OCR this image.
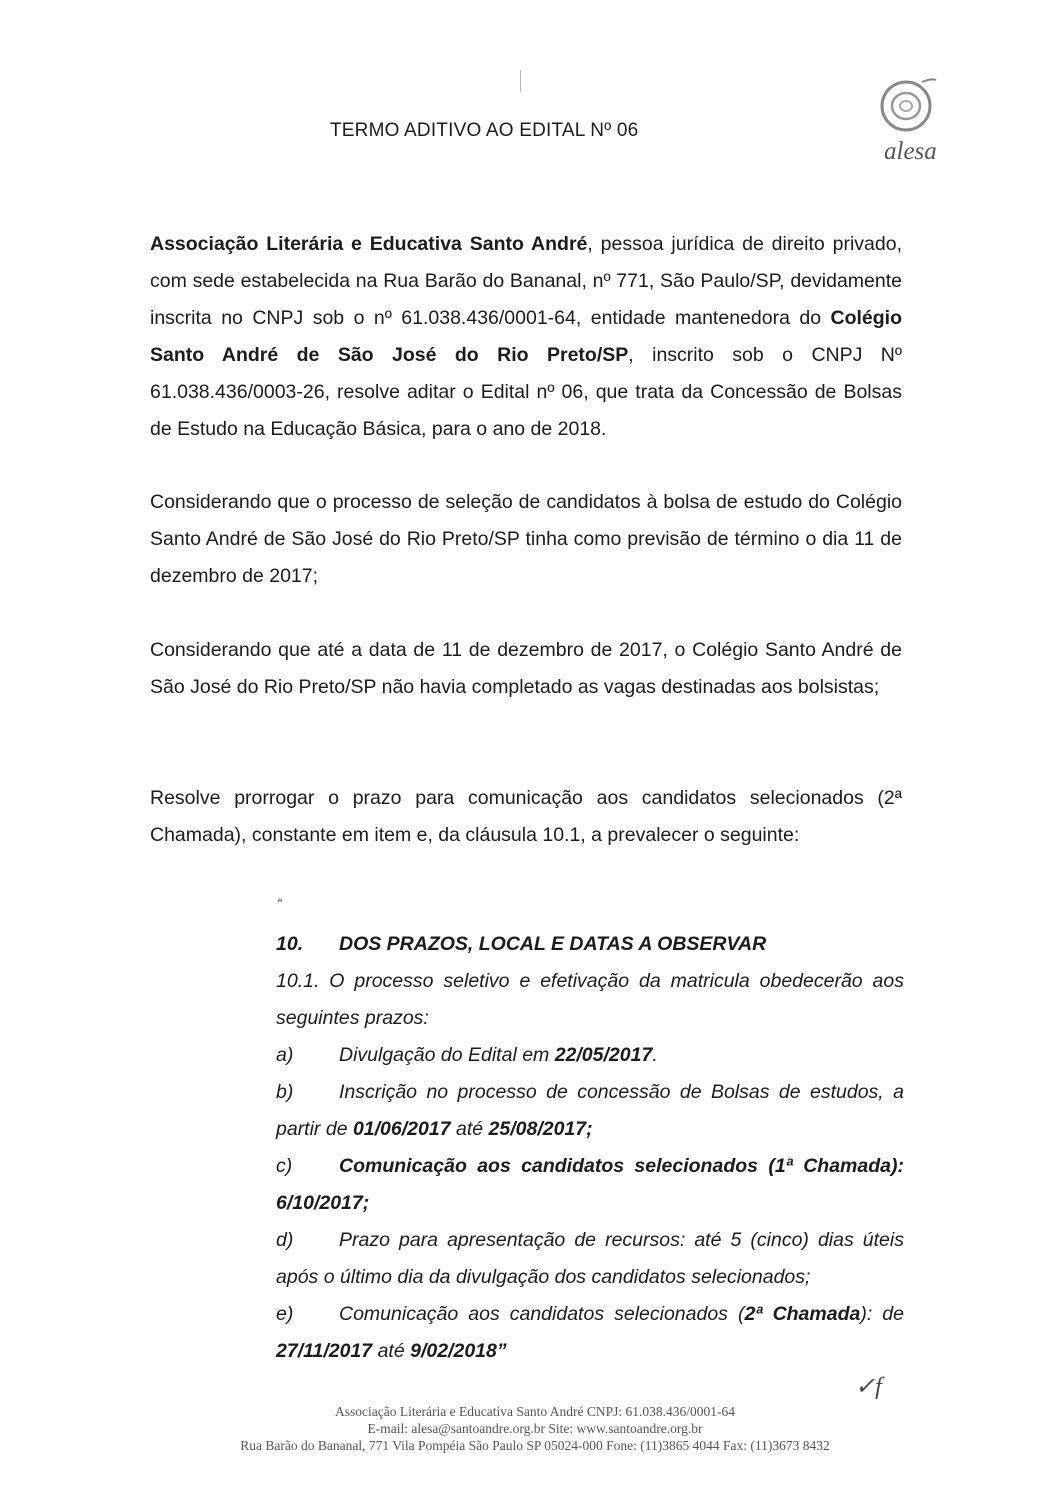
TERMO ADITIVO AO EDITAL Nº 06
alesa
Associação Literária e Educativa Santo André, pessoa jurídica de direito privado, com sede estabelecida na Rua Barão do Bananal, nº 771, São Paulo/SP, devidamente inscrita no CNPJ sob o nº 61.038.436/0001-64, entidade mantenedora do Colégio Santo André de São José do Rio Preto/SP, inscrito sob o CNPJ Nº 61.038.436/0003-26, resolve aditar o Edital nº 06, que trata da Concessão de Bolsas de Estudo na Educação Básica, para o ano de 2018.
Considerando que o processo de seleção de candidatos à bolsa de estudo do Colégio Santo André de São José do Rio Preto/SP tinha como previsão de término o dia 11 de dezembro de 2017;
Considerando que até a data de 11 de dezembro de 2017, o Colégio Santo André de São José do Rio Preto/SP não havia completado as vagas destinadas aos bolsistas;
Resolve prorrogar o prazo para comunicação aos candidatos selecionados (2ª Chamada), constante em item e, da cláusula 10.1, a prevalecer o seguinte:
“
10. DOS PRAZOS, LOCAL E DATAS A OBSERVAR
10.1. O processo seletivo e efetivação da matricula obedecerão aos seguintes prazos:
a) Divulgação do Edital em 22/05/2017.
b) Inscrição no processo de concessão de Bolsas de estudos, a partir de 01/06/2017 até 25/08/2017;
c) Comunicação aos candidatos selecionados (1ª Chamada): 6/10/2017;
d) Prazo para apresentação de recursos: até 5 (cinco) dias úteis após o último dia da divulgação dos candidatos selecionados;
e) Comunicação aos candidatos selecionados (2ª Chamada): de 27/11/2017 até 9/02/2018”
✓f
Associação Literária e Educativa Santo André CNPJ: 61.038.436/0001-64
E-mail: alesa@santoandre.org.br Site: www.santoandre.org.br
Rua Barão do Bananal, 771 Vila Pompéia São Paulo SP 05024-000 Fone: (11)3865 4044 Fax: (11)3673 8432
